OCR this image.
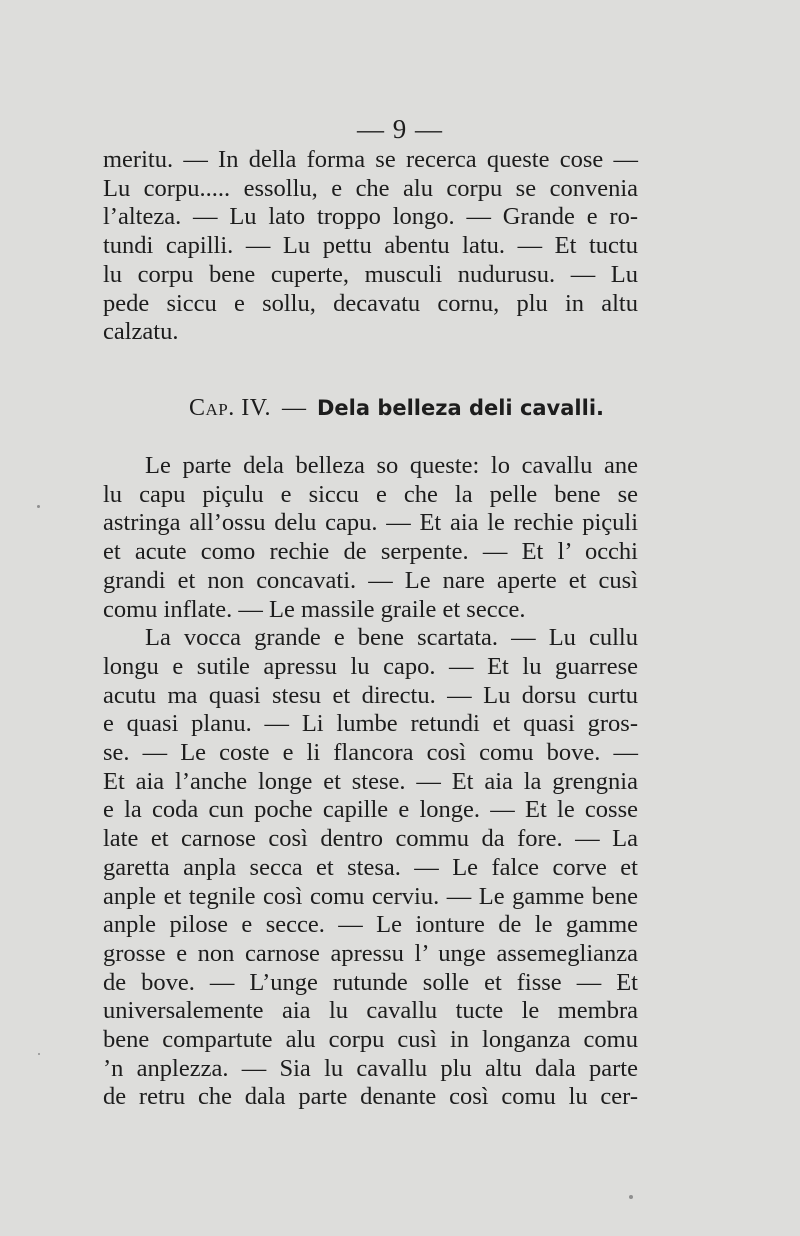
— 9 —
meritu. — In della forma se recerca queste cose —
Lu corpu..... essollu, e che alu corpu se convenia
l’alteza. — Lu lato troppo longo. — Grande e ro-
tundi capilli. — Lu pettu abentu latu. — Et tuctu
lu corpu bene cuperte, musculi nudurusu. — Lu
pede siccu e sollu, decavatu cornu, plu in altu
calzatu.
Cap. IV. — Dela belleza deli cavalli.
Le parte dela belleza so queste: lo cavallu ane
lu capu piçulu e siccu e che la pelle bene se
astringa all’ossu delu capu. — Et aia le rechie piçuli
et acute como rechie de serpente. — Et l’ occhi
grandi et non concavati. — Le nare aperte et cusì
comu inflate. — Le massile graile et secce.
La vocca grande e bene scartata. — Lu cullu
longu e sutile apressu lu capo. — Et lu guarrese
acutu ma quasi stesu et directu. — Lu dorsu curtu
e quasi planu. — Li lumbe retundi et quasi gros-
se. — Le coste e li flancora così comu bove. —
Et aia l’anche longe et stese. — Et aia la grengnia
e la coda cun poche capille e longe. — Et le cosse
late et carnose così dentro commu da fore. — La
garetta anpla secca et stesa. — Le falce corve et
anple et tegnile così comu cerviu. — Le gamme bene
anple pilose e secce. — Le ionture de le gamme
grosse e non carnose apressu l’ unge assemeglianza
de bove. — L’unge rutunde solle et fisse — Et
universalemente aia lu cavallu tucte le membra
bene compartute alu corpu cusì in longanza comu
’n anplezza. — Sia lu cavallu plu altu dala parte
de retru che dala parte denante così comu lu cer-
